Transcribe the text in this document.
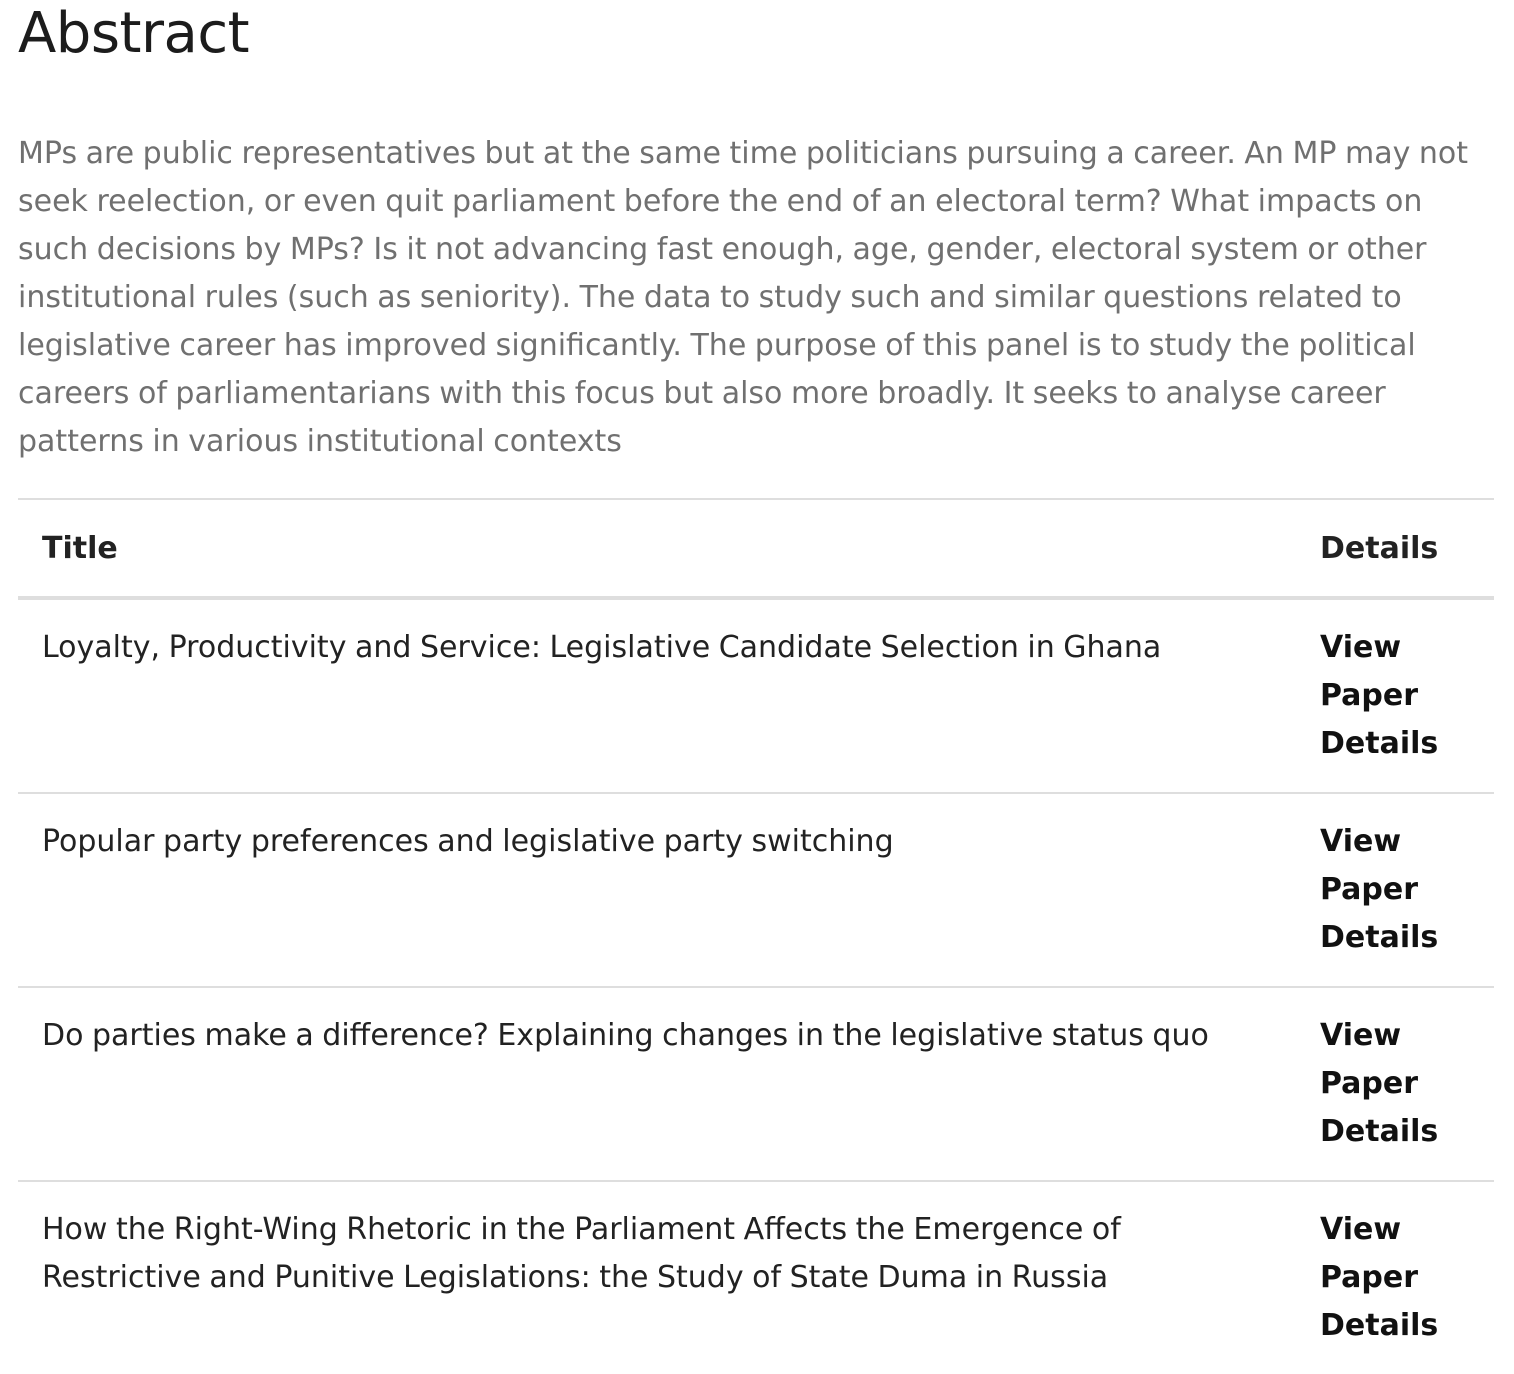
Abstract

MPs are public representatives but at the same time politicians pursuing a career. An MP may not seek reelection, or even quit parliament before the end of an electoral term? What impacts on such decisions by MPs? Is it not advancing fast enough, age, gender, electoral system or other institutional rules (such as seniority). The data to study such and similar questions related to legislative career has improved significantly. The purpose of this panel is to study the political careers of parliamentarians with this focus but also more broadly. It seeks to analyse career patterns in various institutional contexts

Title	Details
Loyalty, Productivity and Service: Legislative Candidate Selection in Ghana	View Paper Details

Popular party preferences and legislative party switching	View Paper Details

Do parties make a difference? Explaining changes in the legislative status quo	View Paper Details

How the Right-Wing Rhetoric in the Parliament Affects the Emergence of Restrictive and Punitive Legislations: the Study of State Duma in Russia	View Paper Details
